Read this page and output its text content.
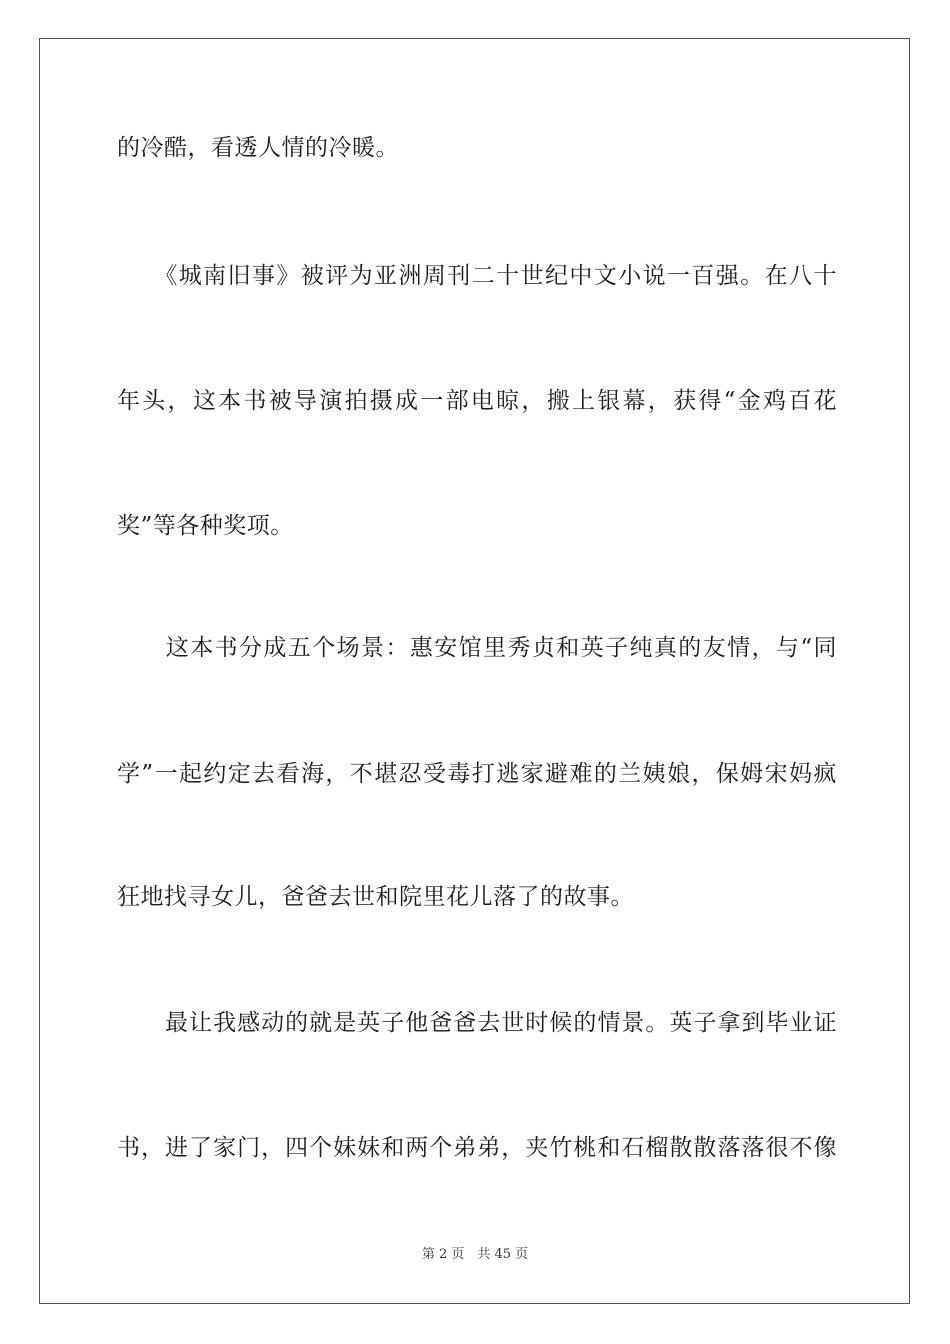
的冷酷，看透人情的冷暖。
　　《城南旧事》被评为亚洲周刊二十世纪中文小说一百强。在八十
年头，这本书被导演拍摄成一部电晾，搬上银幕，获得“金鸡百花
奖”等各种奖项。
　　这本书分成五个场景：惠安馆里秀贞和英子纯真的友情，与“同
学”一起约定去看海，不堪忍受毒打逃家避难的兰姨娘，保姆宋妈疯
狂地找寻女儿，爸爸去世和院里花儿落了的故事。
　　最让我感动的就是英子他爸爸去世时候的情景。英子拿到毕业证
书，进了家门，四个妹妹和两个弟弟，夹竹桃和石榴散散落落很不像
第 2 页　共 45 页
